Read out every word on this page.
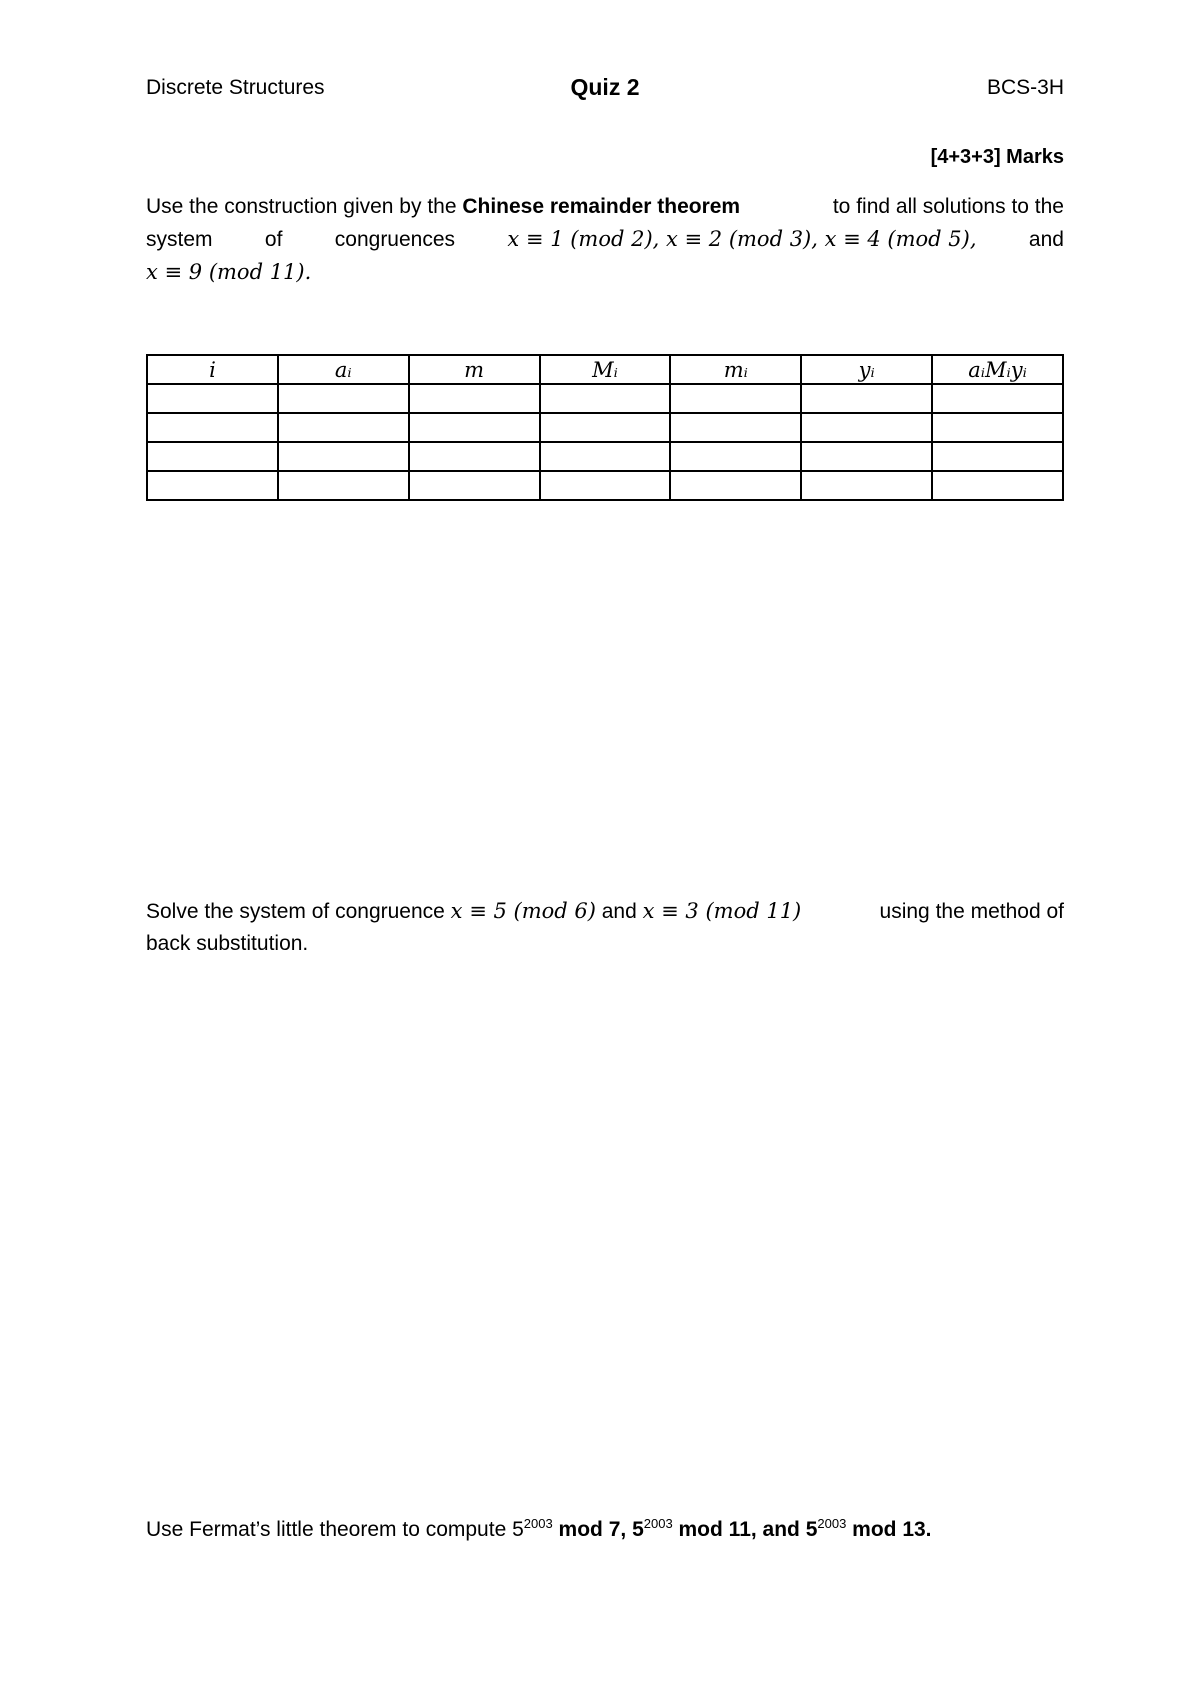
Discrete Structures	Quiz 2	BCS-3H
[4+3+3] Marks
Use the construction given by the Chinese remainder theorem	to find all solutions to the
system of congruences x ≡ 1 (mod 2), x ≡ 2 (mod 3), x ≡ 4 (mod 5), and
x ≡ 9 (mod 11).
i	aᵢ	m	Mᵢ	mᵢ	yᵢ	aᵢMᵢyᵢ

Solve the system of congruence x ≡ 5 (mod 6) and x ≡ 3 (mod 11)	using the method of
back substitution.
Use Fermat’s little theorem to compute $5^{2003}$ mod 7, $5^{2003}$ mod 11, and $5^{2003}$ mod 13.
